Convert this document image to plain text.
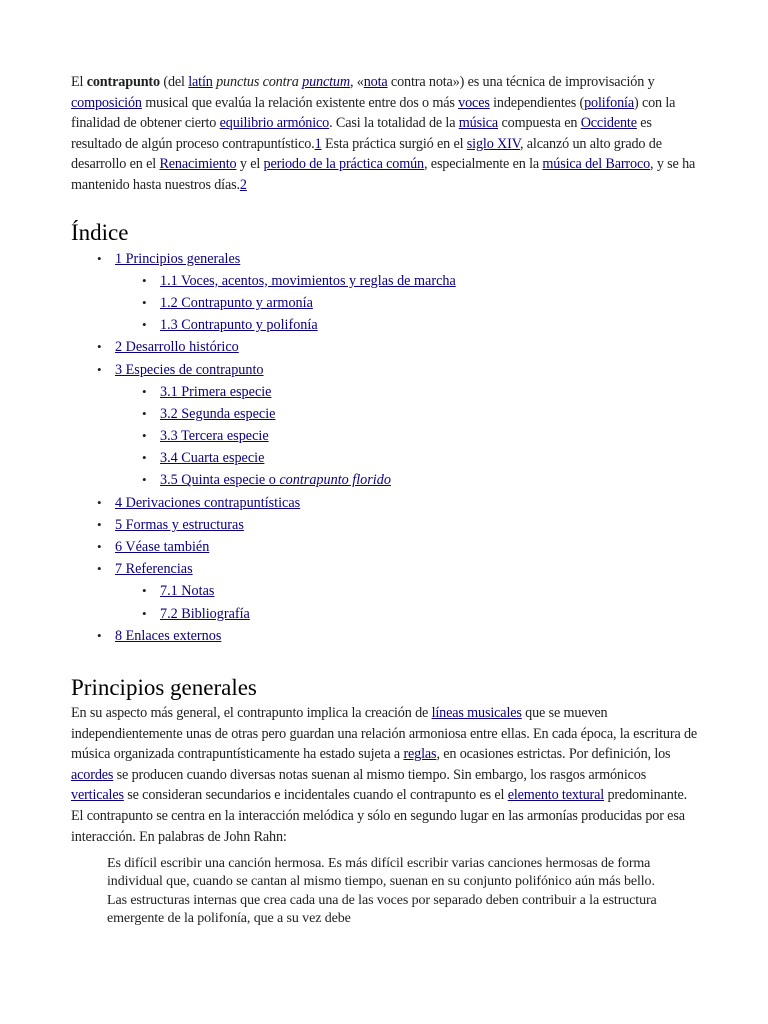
El contrapunto (del latín punctus contra punctum, «nota contra nota») es una técnica de improvisación y composición musical que evalúa la relación existente entre dos o más voces independientes (polifonía) con la finalidad de obtener cierto equilibrio armónico. Casi la totalidad de la música compuesta en Occidente es resultado de algún proceso contrapuntístico.1 Esta práctica surgió en el siglo XIV, alcanzó un alto grado de desarrollo en el Renacimiento y el periodo de la práctica común, especialmente en la música del Barroco, y se ha mantenido hasta nuestros días.2

Índice
• 1 Principios generales
• 1.1 Voces, acentos, movimientos y reglas de marcha
• 1.2 Contrapunto y armonía
• 1.3 Contrapunto y polifonía
• 2 Desarrollo histórico
• 3 Especies de contrapunto
• 3.1 Primera especie
• 3.2 Segunda especie
• 3.3 Tercera especie
• 3.4 Cuarta especie
• 3.5 Quinta especie o contrapunto florido
• 4 Derivaciones contrapuntísticas
• 5 Formas y estructuras
• 6 Véase también
• 7 Referencias
• 7.1 Notas
• 7.2 Bibliografía
• 8 Enlaces externos
Principios generales

En su aspecto más general, el contrapunto implica la creación de líneas musicales que se mueven independientemente unas de otras pero guardan una relación armoniosa entre ellas. En cada época, la escritura de música organizada contrapuntísticamente ha estado sujeta a reglas, en ocasiones estrictas. Por definición, los acordes se producen cuando diversas notas suenan al mismo tiempo. Sin embargo, los rasgos armónicos verticales se consideran secundarios e incidentales cuando el contrapunto es el elemento textural predominante. El contrapunto se centra en la interacción melódica y sólo en segundo lugar en las armonías producidas por esa interacción. En palabras de John Rahn:

Es difícil escribir una canción hermosa. Es más difícil escribir varias canciones hermosas de forma individual que, cuando se cantan al mismo tiempo, suenan en su conjunto polifónico aún más bello. Las estructuras internas que crea cada una de las voces por separado deben contribuir a la estructura emergente de la polifonía, que a su vez debe
